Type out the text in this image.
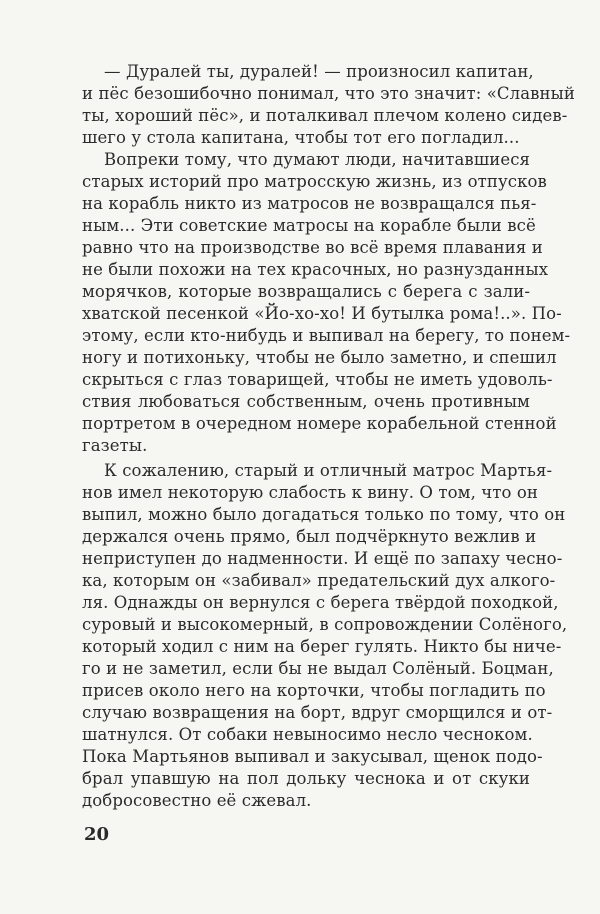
— Дуралей ты, дуралей! — произносил капитан,
и пёс безошибочно понимал, что это значит: «Славный
ты, хороший пёс», и поталкивал плечом колено сидев-
шего у стола капитана, чтобы тот его погладил...
Вопреки тому, что думают люди, начитавшиеся
старых историй про матросскую жизнь, из отпусков
на корабль никто из матросов не возвращался пья-
ным... Эти советские матросы на корабле были всё
равно что на производстве во всё время плавания и
не были похожи на тех красочных, но разнузданных
морячков, которые возвращались с берега с зали-
хватской песенкой «Йо-хо-хо! И бутылка рома!..». По-
этому, если кто-нибудь и выпивал на берегу, то понем-
ногу и потихоньку, чтобы не было заметно, и спешил
скрыться с глаз товарищей, чтобы не иметь удоволь-
ствия любоваться собственным, очень противным
портретом в очередном номере корабельной стенной
газеты.
К сожалению, старый и отличный матрос Мартья-
нов имел некоторую слабость к вину. О том, что он
выпил, можно было догадаться только по тому, что он
держался очень прямо, был подчёркнуто вежлив и
неприступен до надменности. И ещё по запаху чесно-
ка, которым он «забивал» предательский дух алкого-
ля. Однажды он вернулся с берега твёрдой походкой,
суровый и высокомерный, в сопровождении Солёного,
который ходил с ним на берег гулять. Никто бы ниче-
го и не заметил, если бы не выдал Солёный. Боцман,
присев около него на корточки, чтобы погладить по
случаю возвращения на борт, вдруг сморщился и от-
шатнулся. От собаки невыносимо несло чесноком.
Пока Мартьянов выпивал и закусывал, щенок подо-
брал упавшую на пол дольку чеснока и от скуки
добросовестно её сжевал.
20
